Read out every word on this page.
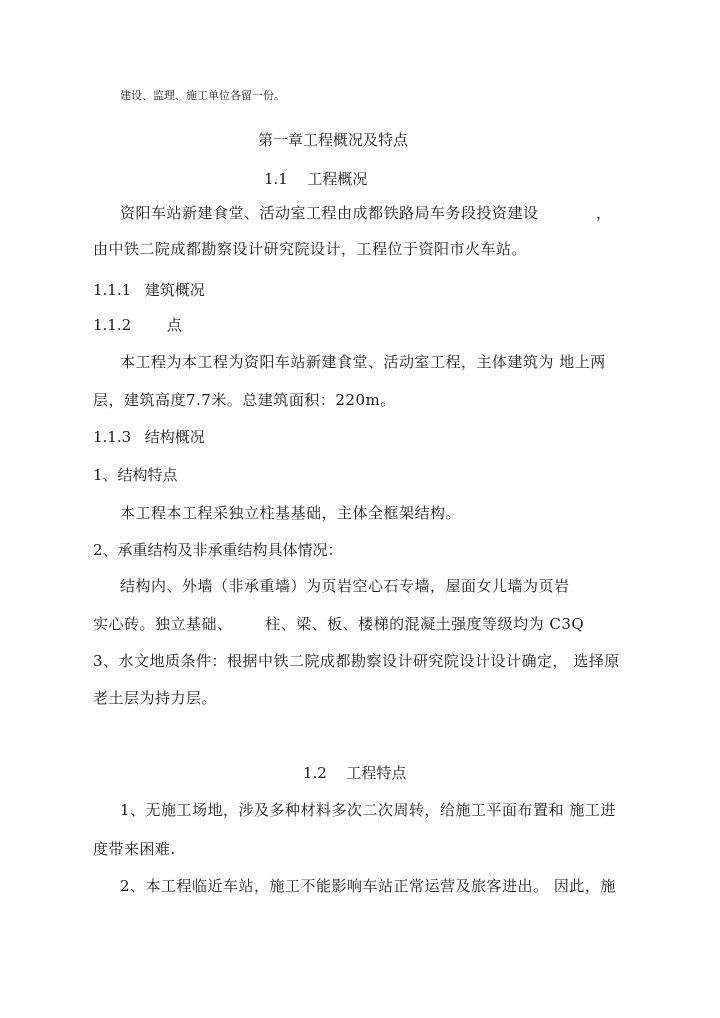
建设、监理、施工单位各留一份。
第一章工程概况及特点
1.1 工程概况
资阳车站新建食堂、活动室工程由成都铁路局车务段投资建设	，
由中铁二院成都勘察设计研究院设计，工程位于资阳市火车站。
1.1.1 建筑概况
1.1.2 点
本工程为本工程为资阳车站新建食堂、活动室工程，主体建筑为 地上两
层，建筑高度7.7米。总建筑面积：220m。
1.1.3 结构概况
1、结构特点
本工程本工程采独立柱基基础，主体全框架结构。
2、承重结构及非承重结构具体情况：
结构内、外墙（非承重墙）为页岩空心石专墙，屋面女儿墙为页岩
实心砖。独立基础、 柱、梁、板、楼梯的混凝土强度等级均为 C3Q
3、水文地质条件：根据中铁二院成都勘察设计研究院设计设计确定， 选择原
老土层为持力层。
1.2 工程特点
1、无施工场地，涉及多种材料多次二次周转，给施工平面布置和 施工进
度带来困难.
2、本工程临近车站，施工不能影响车站正常运营及旅客进出。 因此，施
